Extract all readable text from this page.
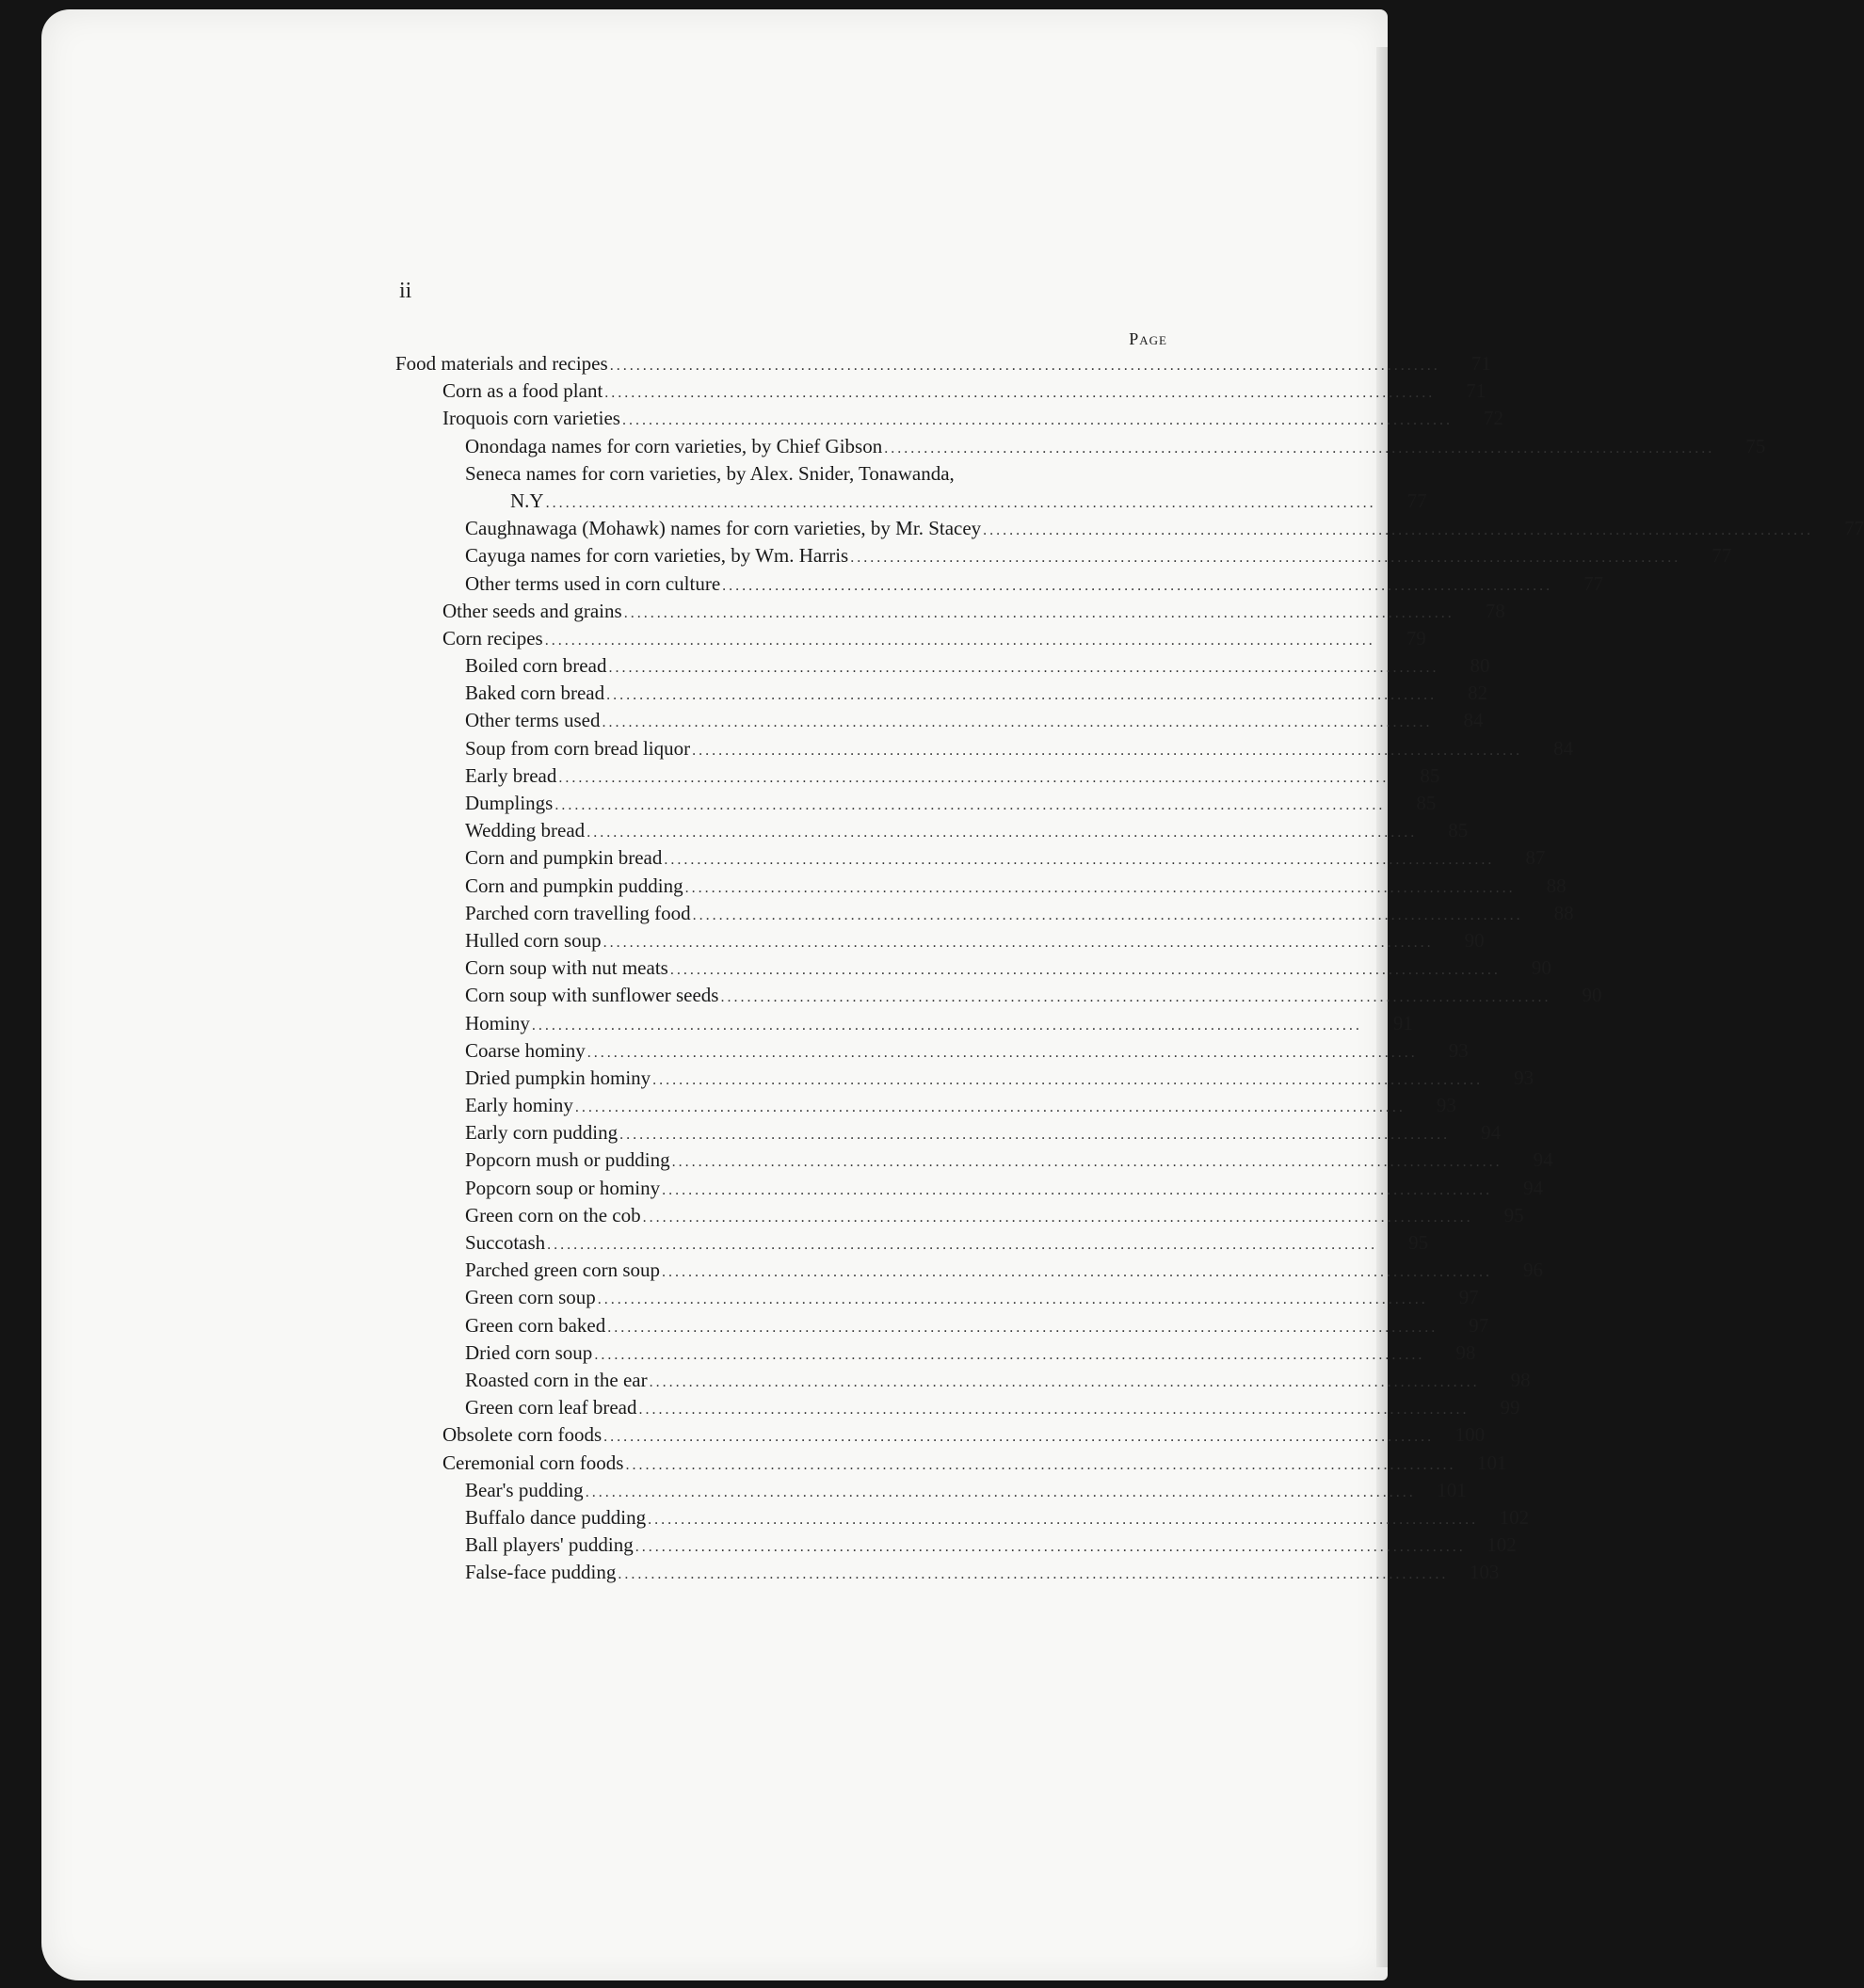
ii
Page
Food materials and recipes ..............................................................................................................................	71
Corn as a food plant ..............................................................................................................................	71
Iroquois corn varieties ..............................................................................................................................	72
Onondaga names for corn varieties, by Chief Gibson ..............................................................................................................................	75
Seneca names for corn varieties, by Alex. Snider, Tonawanda,
N.Y ..............................................................................................................................	77
Caughnawaga (Mohawk) names for corn varieties, by Mr. Stacey ..............................................................................................................................	77
Cayuga names for corn varieties, by Wm. Harris ..............................................................................................................................	77
Other terms used in corn culture ..............................................................................................................................	77
Other seeds and grains ..............................................................................................................................	78
Corn recipes ..............................................................................................................................	79
Boiled corn bread ..............................................................................................................................	80
Baked corn bread ..............................................................................................................................	82
Other terms used ..............................................................................................................................	84
Soup from corn bread liquor ..............................................................................................................................	84
Early bread ..............................................................................................................................	85
Dumplings ..............................................................................................................................	85
Wedding bread ..............................................................................................................................	85
Corn and pumpkin bread ..............................................................................................................................	87
Corn and pumpkin pudding ..............................................................................................................................	88
Parched corn travelling food ..............................................................................................................................	88
Hulled corn soup ..............................................................................................................................	90
Corn soup with nut meats ..............................................................................................................................	90
Corn soup with sunflower seeds ..............................................................................................................................	90
Hominy ..............................................................................................................................	91
Coarse hominy ..............................................................................................................................	93
Dried pumpkin hominy ..............................................................................................................................	93
Early hominy ..............................................................................................................................	93
Early corn pudding ..............................................................................................................................	94
Popcorn mush or pudding ..............................................................................................................................	94
Popcorn soup or hominy ..............................................................................................................................	94
Green corn on the cob ..............................................................................................................................	95
Succotash ..............................................................................................................................	95
Parched green corn soup ..............................................................................................................................	96
Green corn soup ..............................................................................................................................	97
Green corn baked ..............................................................................................................................	97
Dried corn soup ..............................................................................................................................	98
Roasted corn in the ear ..............................................................................................................................	98
Green corn leaf bread ..............................................................................................................................	99
Obsolete corn foods ..............................................................................................................................	100
Ceremonial corn foods ..............................................................................................................................	101
Bear's pudding ..............................................................................................................................	101
Buffalo dance pudding ..............................................................................................................................	102
Ball players' pudding ..............................................................................................................................	102
False-face pudding ..............................................................................................................................	103
